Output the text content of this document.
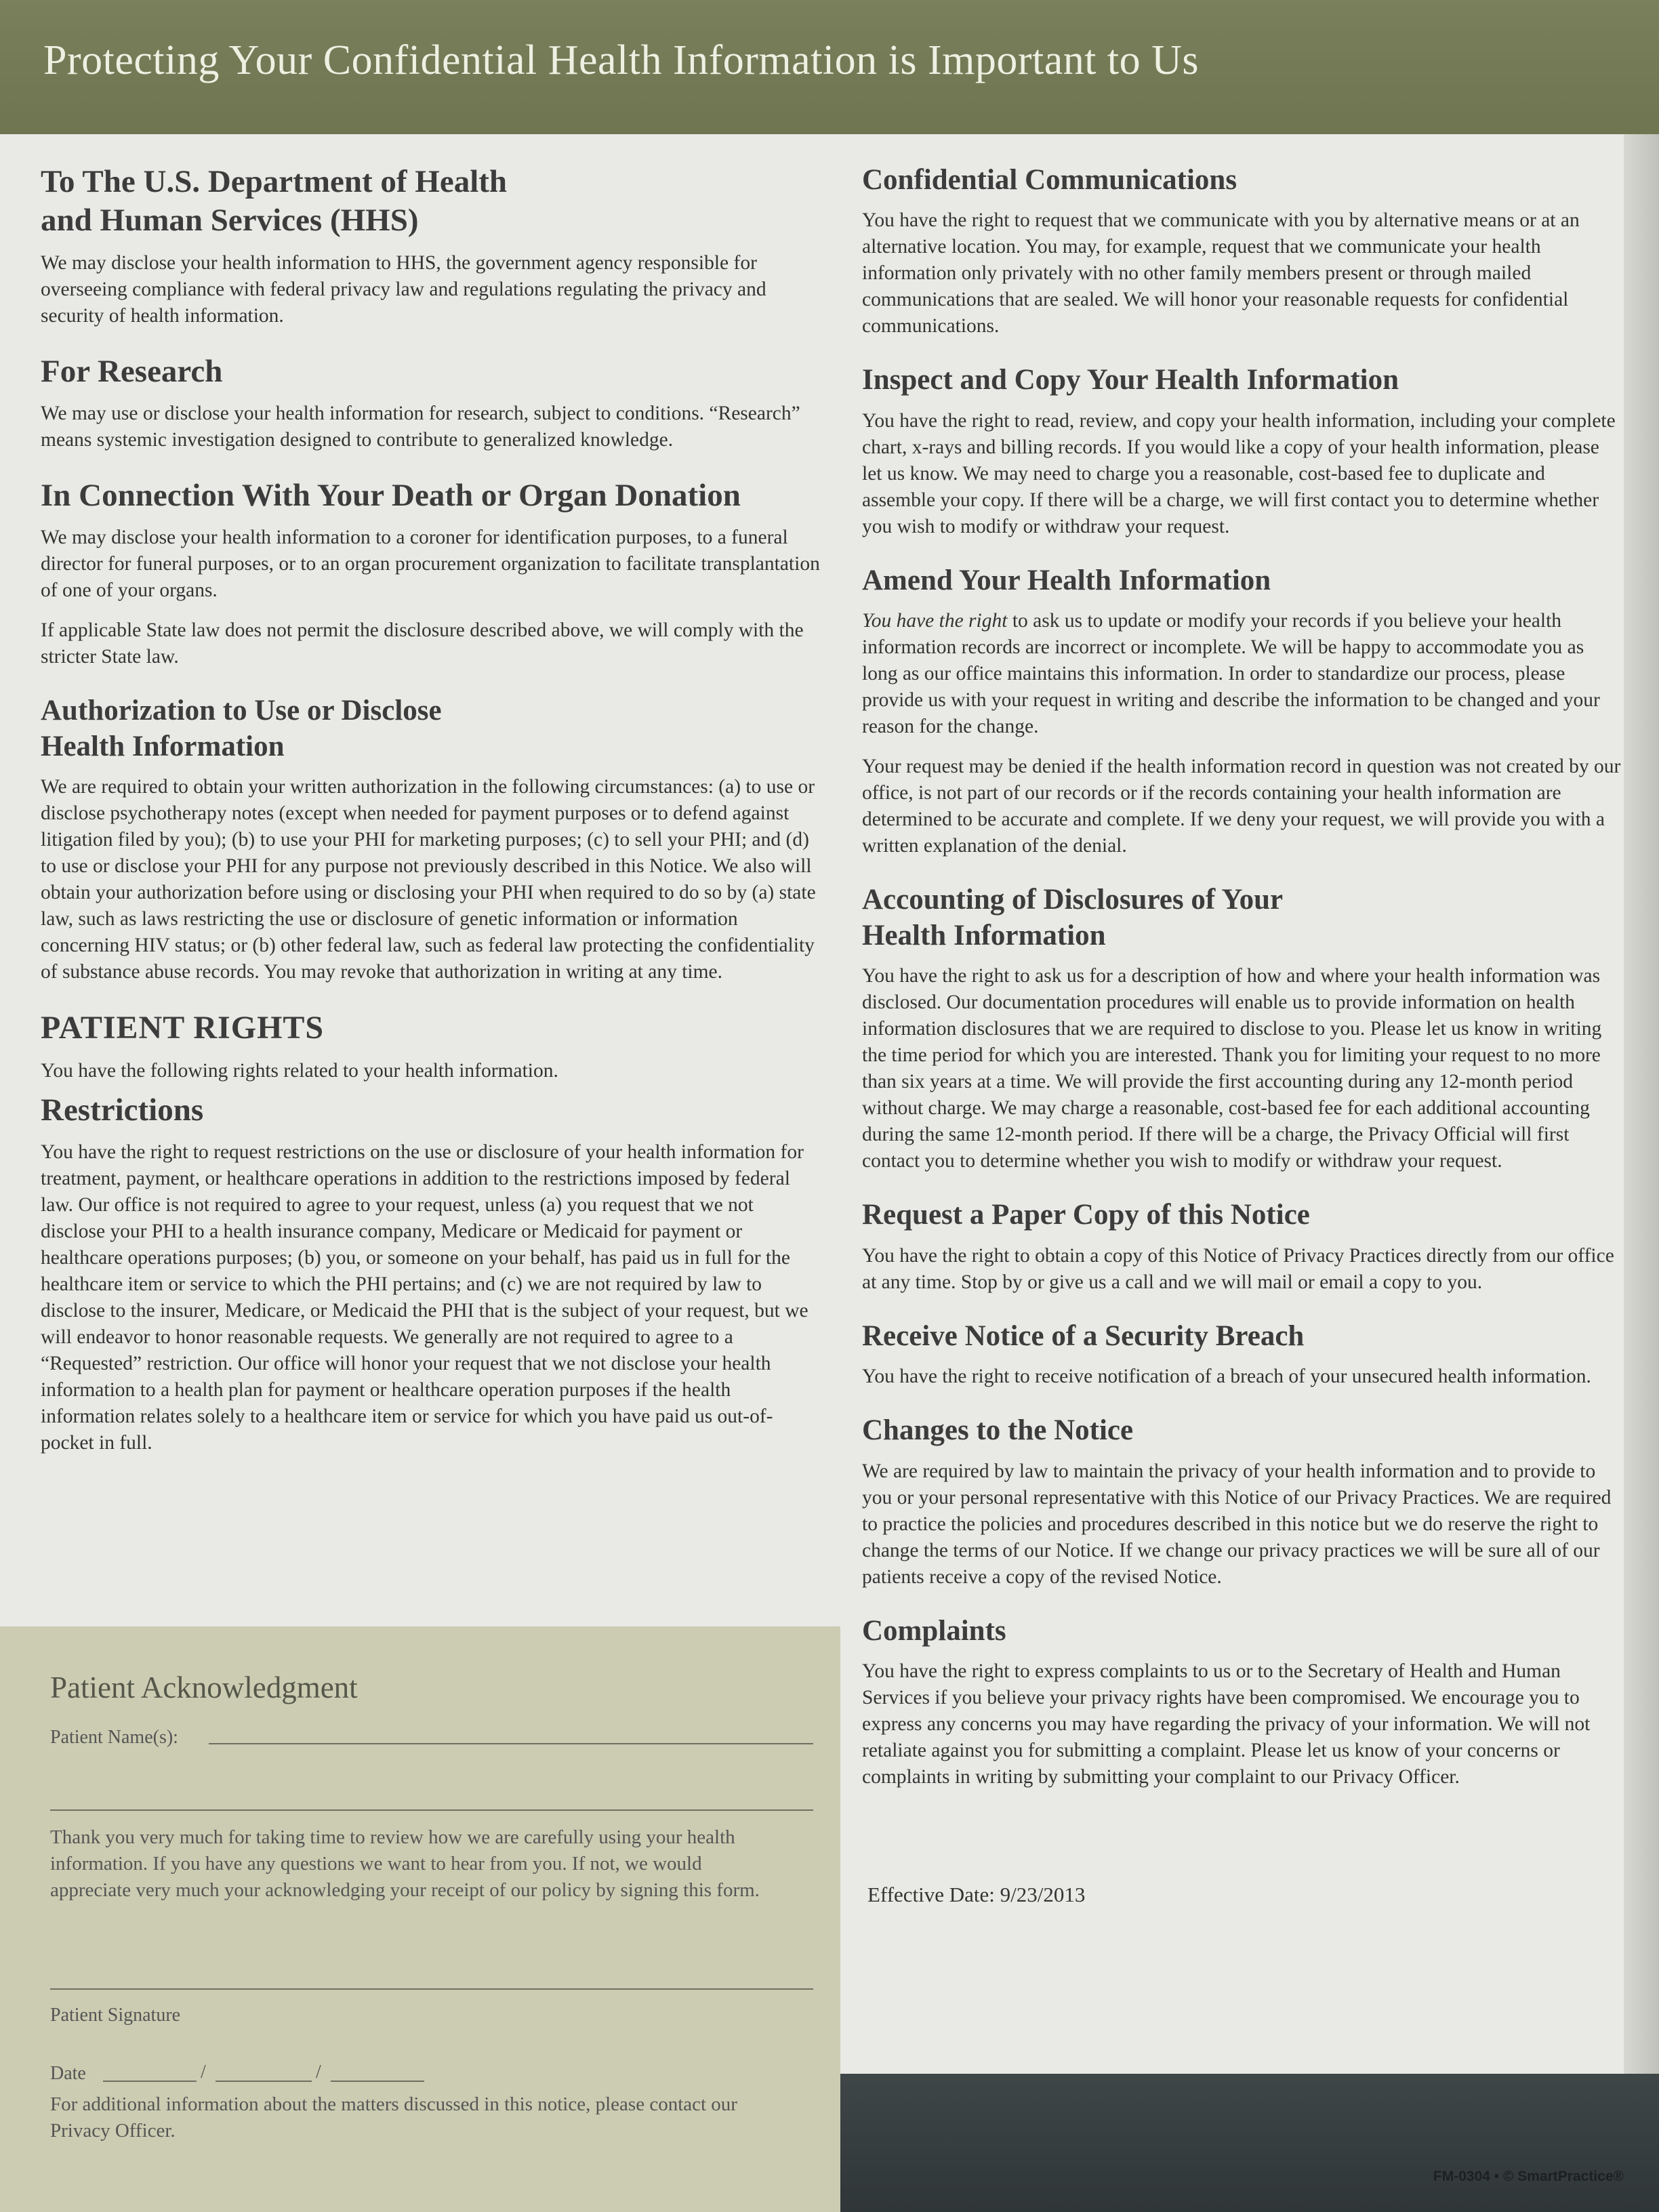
Protecting Your Confidential Health Information is Important to Us
To The U.S. Department of Health
and Human Services (HHS)

We may disclose your health information to HHS, the government agency responsible for overseeing compliance with federal privacy law and regulations regulating the privacy and security of health information.

For Research

We may use or disclose your health information for research, subject to conditions. “Research” means systemic investigation designed to contribute to generalized knowledge.

In Connection With Your Death or Organ Donation

We may disclose your health information to a coroner for identification purposes, to a funeral director for funeral purposes, or to an organ procurement organization to facilitate transplantation of one of your organs.

If applicable State law does not permit the disclosure described above, we will comply with the stricter State law.

Authorization to Use or Disclose
Health Information

We are required to obtain your written authorization in the following circumstances: (a) to use or disclose psychotherapy notes (except when needed for payment purposes or to defend against litigation filed by you); (b) to use your PHI for marketing purposes; (c) to sell your PHI; and (d) to use or disclose your PHI for any purpose not previously described in this Notice. We also will obtain your authorization before using or disclosing your PHI when required to do so by (a) state law, such as laws restricting the use or disclosure of genetic information or information concerning HIV status; or (b) other federal law, such as federal law protecting the confidentiality of substance abuse records. You may revoke that authorization in writing at any time.

PATIENT RIGHTS

You have the following rights related to your health information.

Restrictions

You have the right to request restrictions on the use or disclosure of your health information for treatment, payment, or healthcare operations in addition to the restrictions imposed by federal law. Our office is not required to agree to your request, unless (a) you request that we not disclose your PHI to a health insurance company, Medicare or Medicaid for payment or healthcare operations purposes; (b) you, or someone on your behalf, has paid us in full for the healthcare item or service to which the PHI pertains; and (c) we are not required by law to disclose to the insurer, Medicare, or Medicaid the PHI that is the subject of your request, but we will endeavor to honor reasonable requests. We generally are not required to agree to a “Requested” restriction. Our office will honor your request that we not disclose your health information to a health plan for payment or healthcare operation purposes if the health information relates solely to a healthcare item or service for which you have paid us out-of-pocket in full.

Confidential Communications

You have the right to request that we communicate with you by alternative means or at an alternative location. You may, for example, request that we communicate your health information only privately with no other family members present or through mailed communications that are sealed. We will honor your reasonable requests for confidential communications.

Inspect and Copy Your Health Information

You have the right to read, review, and copy your health information, including your complete chart, x-rays and billing records. If you would like a copy of your health information, please let us know. We may need to charge you a reasonable, cost-based fee to duplicate and assemble your copy. If there will be a charge, we will first contact you to determine whether you wish to modify or withdraw your request.

Amend Your Health Information

You have the right to ask us to update or modify your records if you believe your health information records are incorrect or incomplete. We will be happy to accommodate you as long as our office maintains this information. In order to standardize our process, please provide us with your request in writing and describe the information to be changed and your reason for the change.

Your request may be denied if the health information record in question was not created by our office, is not part of our records or if the records containing your health information are determined to be accurate and complete. If we deny your request, we will provide you with a written explanation of the denial.

Accounting of Disclosures of Your
Health Information

You have the right to ask us for a description of how and where your health information was disclosed. Our documentation procedures will enable us to provide information on health information disclosures that we are required to disclose to you. Please let us know in writing the time period for which you are interested. Thank you for limiting your request to no more than six years at a time. We will provide the first accounting during any 12-month period without charge. We may charge a reasonable, cost-based fee for each additional accounting during the same 12-month period. If there will be a charge, the Privacy Official will first contact you to determine whether you wish to modify or withdraw your request.

Request a Paper Copy of this Notice

You have the right to obtain a copy of this Notice of Privacy Practices directly from our office at any time. Stop by or give us a call and we will mail or email a copy to you.

Receive Notice of a Security Breach

You have the right to receive notification of a breach of your unsecured health information.

Changes to the Notice

We are required by law to maintain the privacy of your health information and to provide to you or your personal representative with this Notice of our Privacy Practices. We are required to practice the policies and procedures described in this notice but we do reserve the right to change the terms of our Notice. If we change our privacy practices we will be sure all of our patients receive a copy of the revised Notice.

Complaints

You have the right to express complaints to us or to the Secretary of Health and Human Services if you believe your privacy rights have been compromised. We encourage you to express any concerns you may have regarding the privacy of your information. We will not retaliate against you for submitting a complaint. Please let us know of your concerns or complaints in writing by submitting your complaint to our Privacy Officer.

Effective Date: 9/23/2013
Patient Acknowledgment
Patient Name(s):

Thank you very much for taking time to review how we are carefully using your health information. If you have any questions we want to hear from you. If not, we would appreciate very much your acknowledging your receipt of our policy by signing this form.

Patient Signature
Date	/	/

For additional information about the matters discussed in this notice, please contact our Privacy Officer.

FM-0304 • © SmartPractice®
